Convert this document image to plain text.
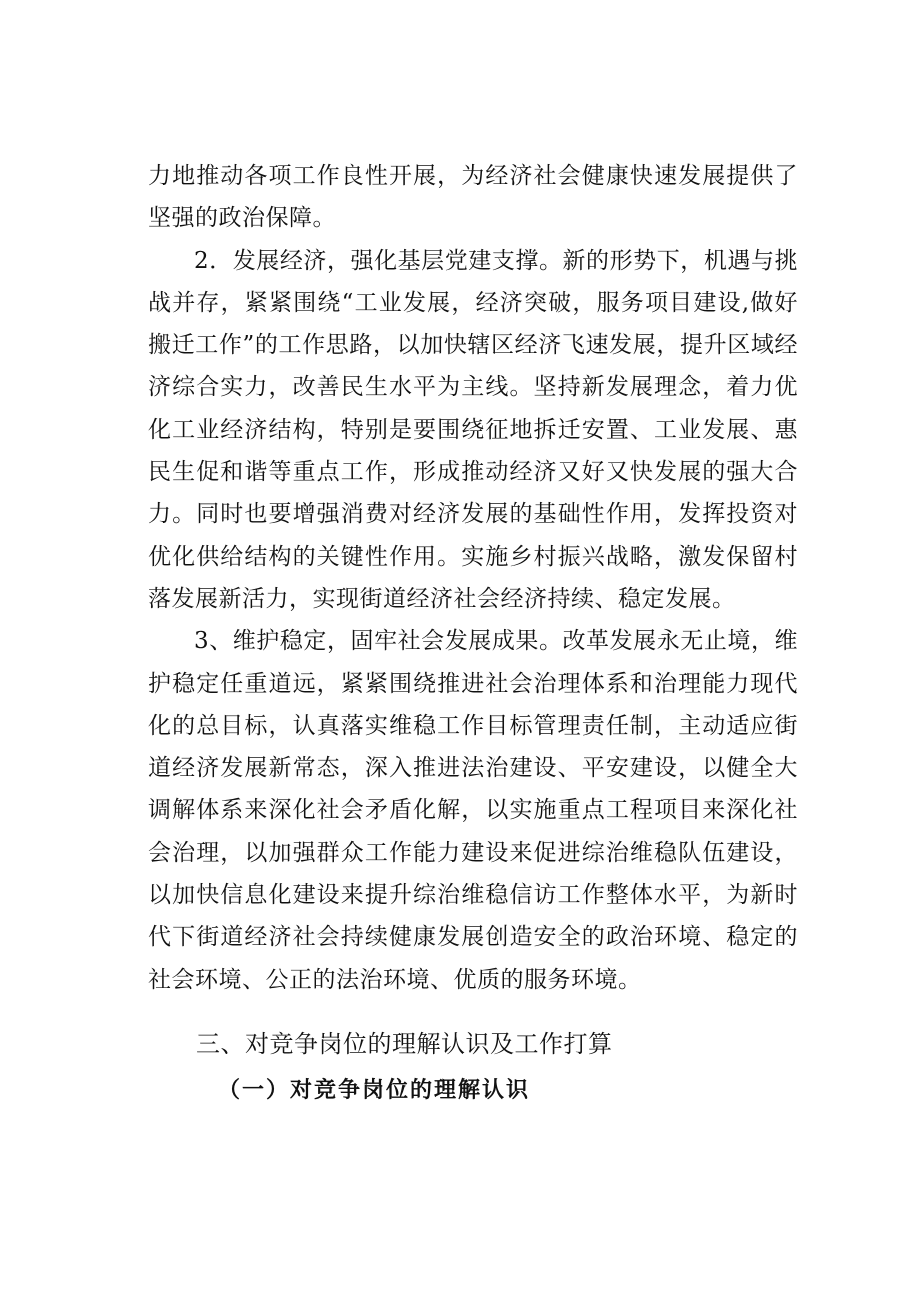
力地推动各项工作良性开展，为经济社会健康快速发展提供了坚强的政治保障。

2．发展经济，强化基层党建支撑。新的形势下，机遇与挑战并存，紧紧围绕“工业发展，经济突破，服务项目建设,做好搬迁工作”的工作思路，以加快辖区经济飞速发展，提升区域经济综合实力，改善民生水平为主线。坚持新发展理念，着力优化工业经济结构，特别是要围绕征地拆迁安置、工业发展、惠民生促和谐等重点工作，形成推动经济又好又快发展的强大合力。同时也要增强消费对经济发展的基础性作用，发挥投资对优化供给结构的关键性作用。实施乡村振兴战略，激发保留村落发展新活力，实现街道经济社会经济持续、稳定发展。

3、维护稳定，固牢社会发展成果。改革发展永无止境，维护稳定任重道远，紧紧围绕推进社会治理体系和治理能力现代化的总目标，认真落实维稳工作目标管理责任制，主动适应街道经济发展新常态，深入推进法治建设、平安建设，以健全大调解体系来深化社会矛盾化解，以实施重点工程项目来深化社会治理，以加强群众工作能力建设来促进综治维稳队伍建设，以加快信息化建设来提升综治维稳信访工作整体水平，为新时代下街道经济社会持续健康发展创造安全的政治环境、稳定的社会环境、公正的法治环境、优质的服务环境。

三、对竞争岗位的理解认识及工作打算
（一）对竞争岗位的理解认识
